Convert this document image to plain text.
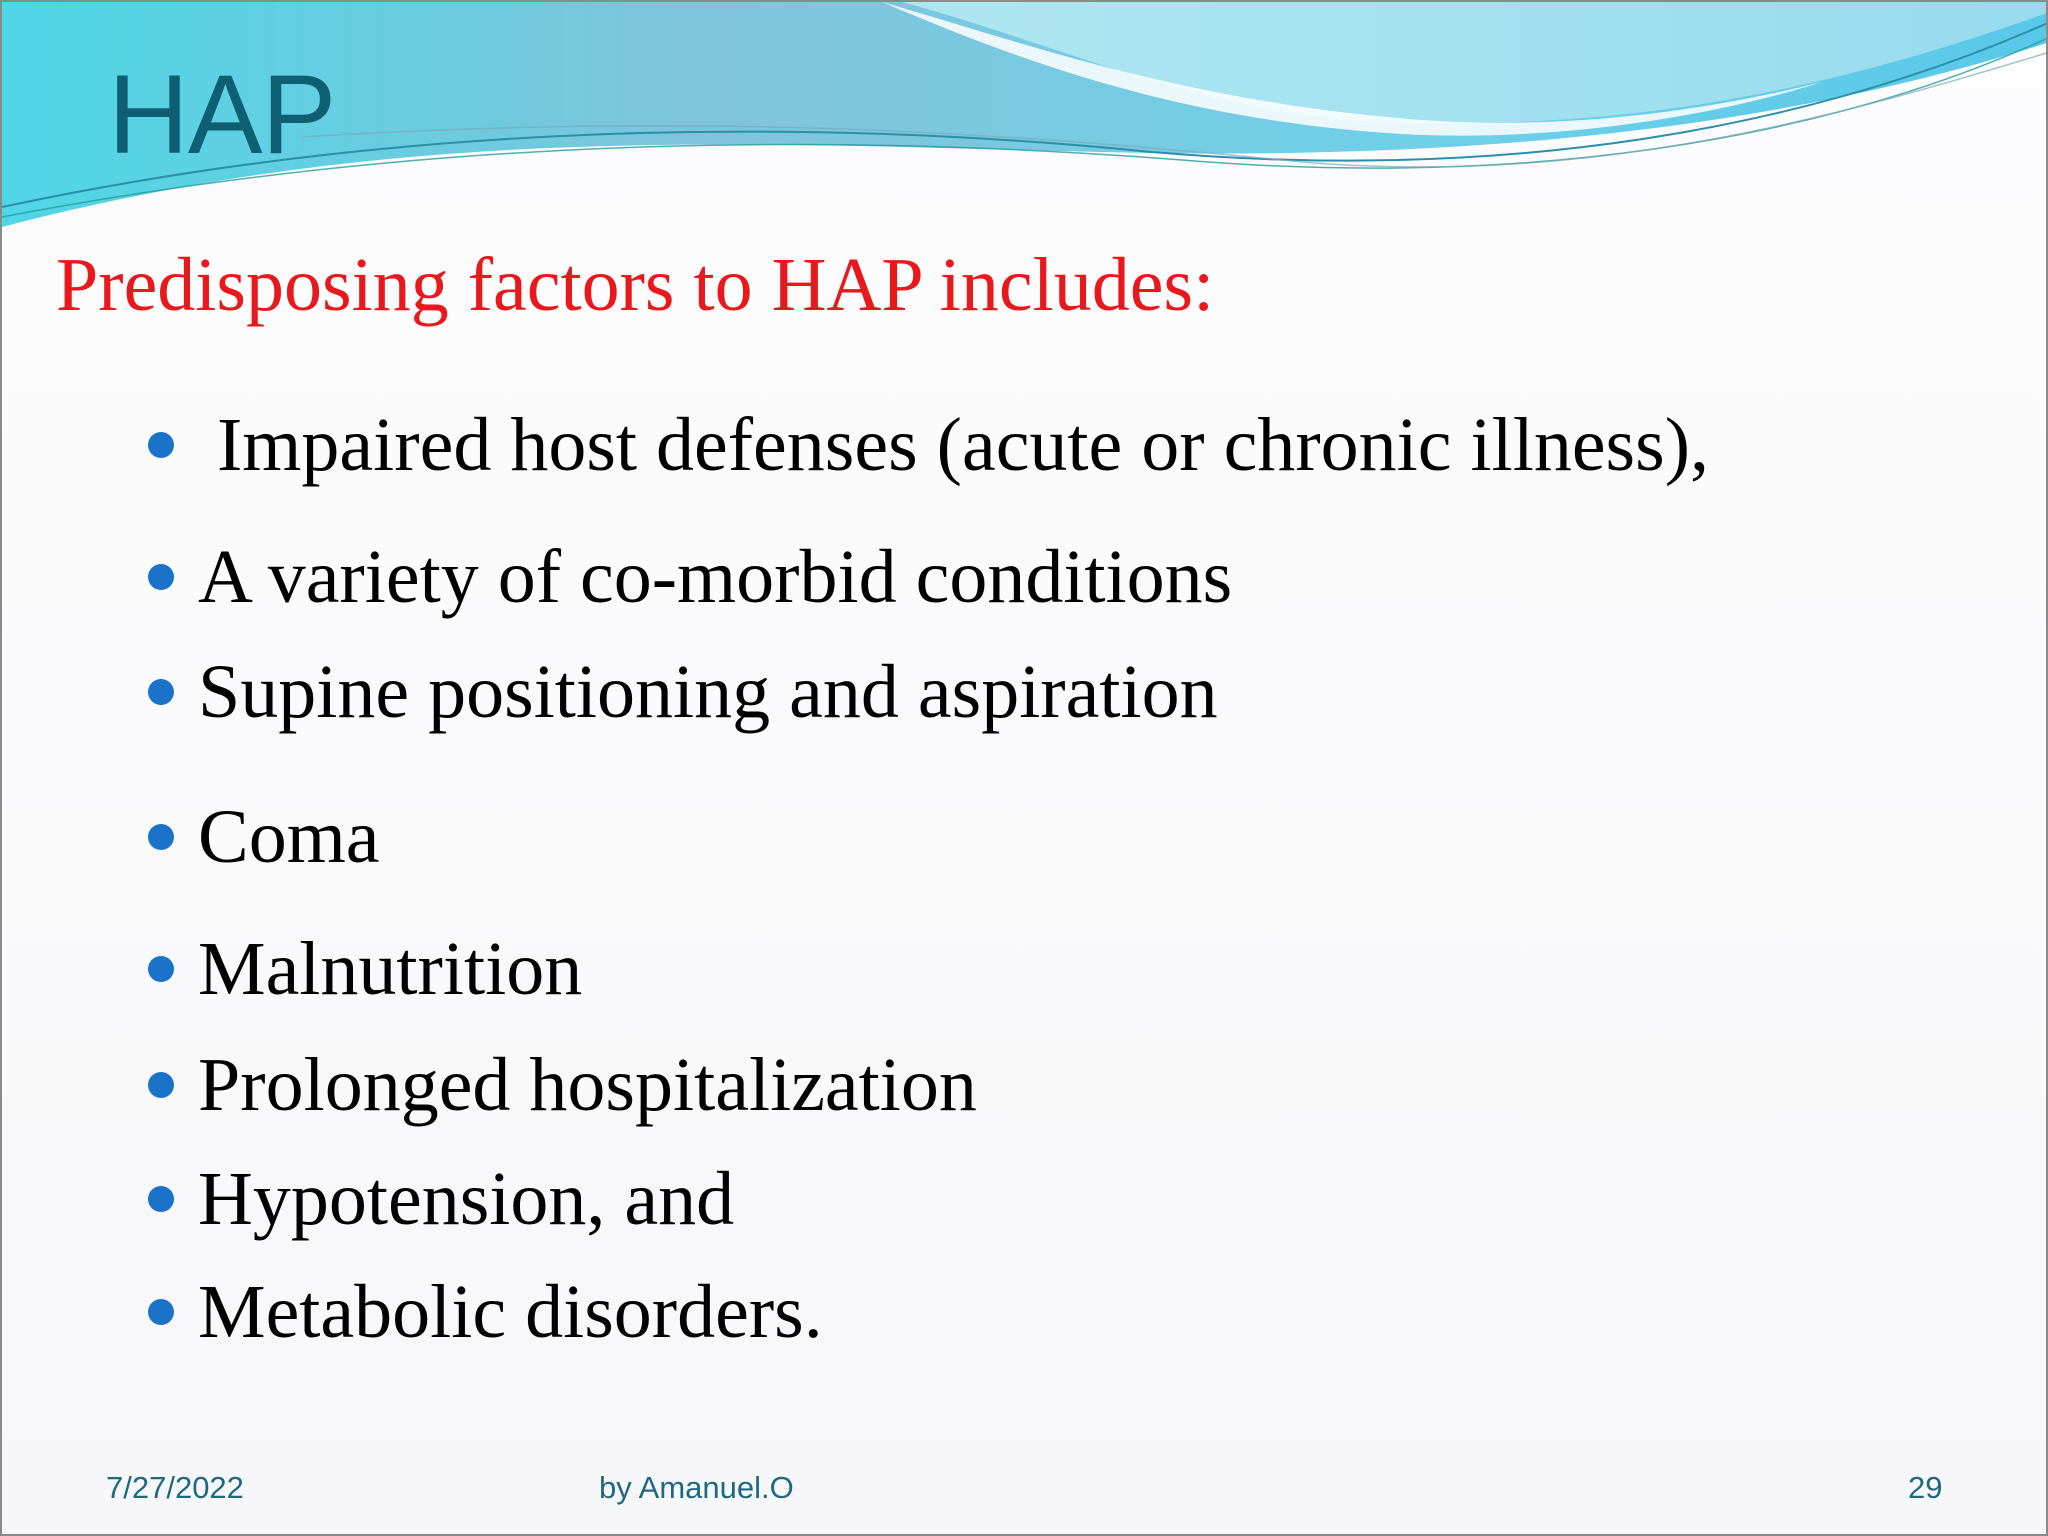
HAP
Predisposing factors to HAP includes:
Impaired host defenses (acute or chronic illness),
A variety of co-morbid conditions
Supine positioning and aspiration
Coma
Malnutrition
Prolonged hospitalization
Hypotension, and
Metabolic disorders.
7/27/2022	by Amanuel.O	29
